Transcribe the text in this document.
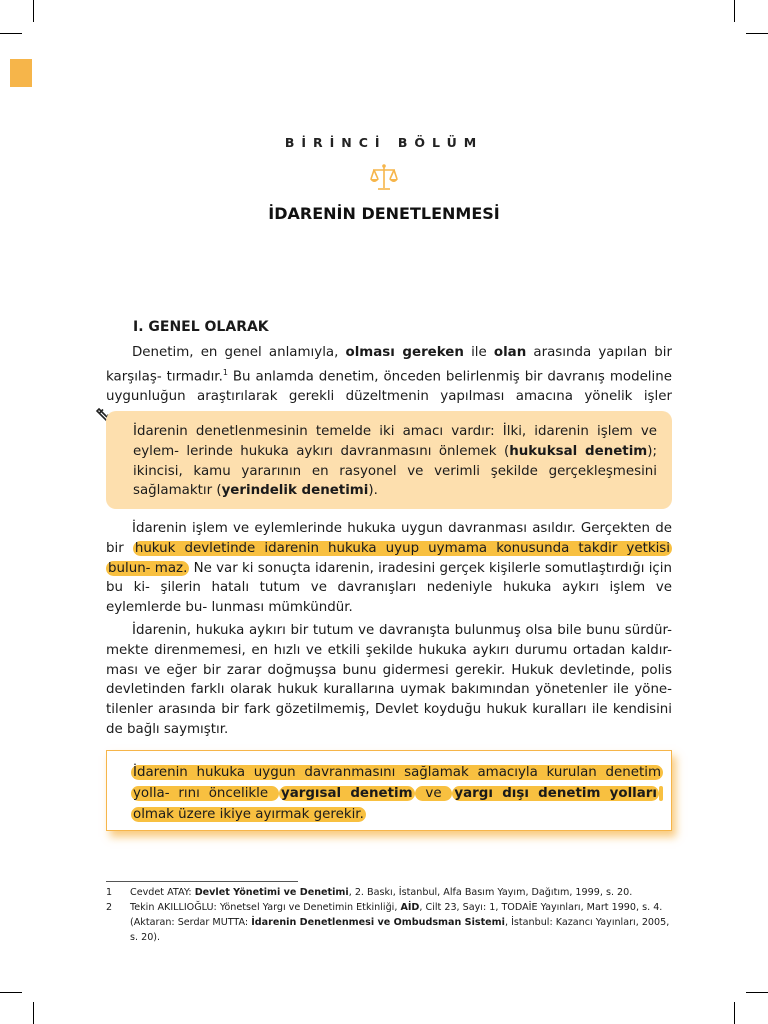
BİRİNCİ BÖLÜM
İDARENİN DENETLENMESİ
I. GENEL OLARAK

Denetim, en genel anlamıyla, olması gereken ile olan arasında yapılan bir karşılaş- tırmadır.$^1$ Bu anlamda denetim, önceden belirlenmiş bir davranış modeline uygunluğun araştırılarak gerekli düzeltmenin yapılması amacına yönelik işler

İdarenin denetlenmesinin temelde iki amacı vardır: İlki, idarenin işlem ve eylem- lerinde hukuka aykırı davranmasını önlemek (hukuksal denetim); ikincisi, kamu yararının en rasyonel ve verimli şekilde gerçekleşmesini sağlamaktır (yerindelik denetimi).

İdarenin işlem ve eylemlerinde hukuka uygun davranması asıldır. Gerçekten de bir hukuk devletinde idarenin hukuka uyup uymama konusunda takdir yetkisi bulun- maz. Ne var ki sonuçta idarenin, iradesini gerçek kişilerle somutlaştırdığı için bu ki- şilerin hatalı tutum ve davranışları nedeniyle hukuka aykırı işlem ve eylemlerde bu- lunması mümkündür.

İdarenin, hukuka aykırı bir tutum ve davranışta bulunmuş olsa bile bunu sürdür- mekte direnmemesi, en hızlı ve etkili şekilde hukuka aykırı durumu ortadan kaldır- ması ve eğer bir zarar doğmuşsa bunu gidermesi gerekir. Hukuk devletinde, polis devletinden farklı olarak hukuk kurallarına uymak bakımından yönetenler ile yöne- tilenler arasında bir fark gözetilmemiş, Devlet koyduğu hukuk kuralları ile kendisini de bağlı saymıştır.

İdarenin hukuka uygun davranmasını sağlamak amacıyla kurulan denetim yolla- rını öncelikle yargısal denetim ve yargı dışı denetim yolları olmak üzere ikiye ayırmak gerekir.

1	Cevdet ATAY: Devlet Yönetimi ve Denetimi, 2. Baskı, İstanbul, Alfa Basım Yayım, Dağıtım, 1999, s. 20.
2	Tekin AKILLIOĞLU: Yönetsel Yargı ve Denetimin Etkinliği, AİD, Cilt 23, Sayı: 1, TODAİE Yayınları, Mart 1990, s. 4. (Aktaran: Serdar MUTTA: İdarenin Denetlenmesi ve Ombudsman Sistemi, İstanbul: Kazancı Yayınları, 2005, s. 20).
